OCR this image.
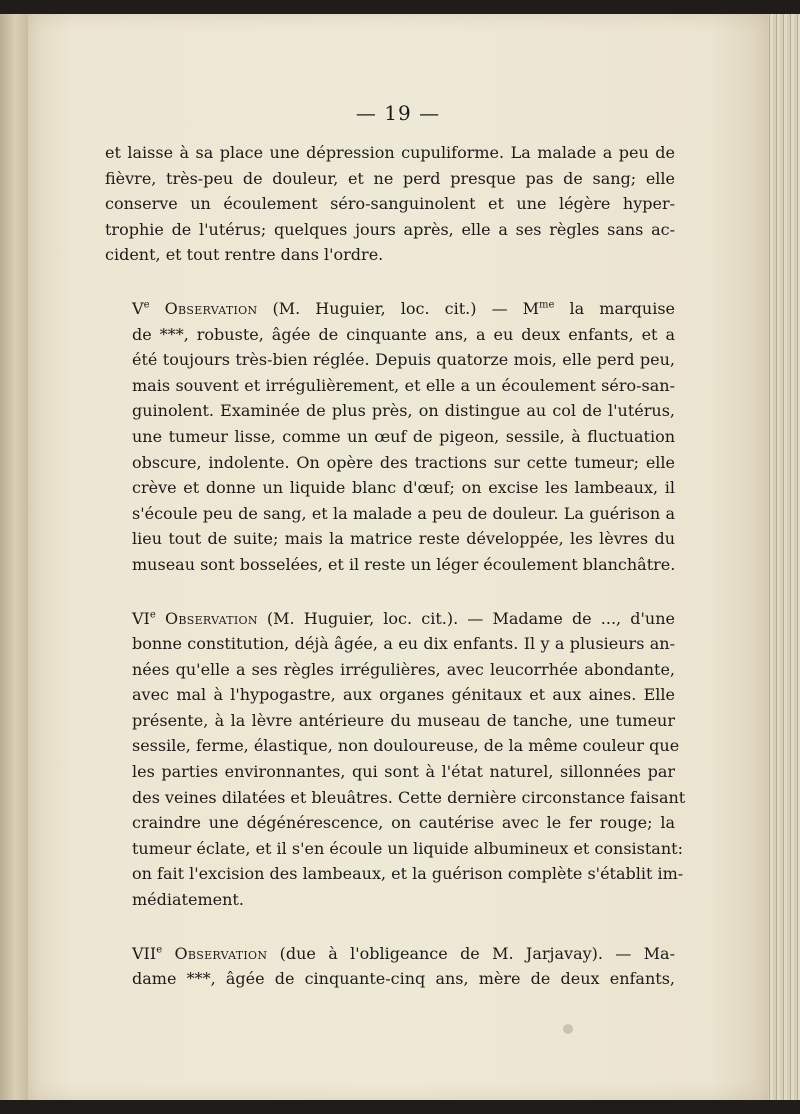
— 19 —

et laisse à sa place une dépression cupuliforme. La malade a peu de
fièvre, très-peu de douleur, et ne perd presque pas de sang; elle
conserve un écoulement séro-sanguinolent et une légère hyper-
trophie de l'utérus; quelques jours après, elle a ses règles sans ac-
cident, et tout rentre dans l'ordre.

Ve Observation (M. Huguier, loc. cit.) — $M^{me}$ la marquise
de ***, robuste, âgée de cinquante ans, a eu deux enfants, et a
été toujours très-bien réglée. Depuis quatorze mois, elle perd peu,
mais souvent et irrégulièrement, et elle a un écoulement séro-san-
guinolent. Examinée de plus près, on distingue au col de l'utérus,
une tumeur lisse, comme un œuf de pigeon, sessile, à fluctuation
obscure, indolente. On opère des tractions sur cette tumeur; elle
crève et donne un liquide blanc d'œuf; on excise les lambeaux, il
s'écoule peu de sang, et la malade a peu de douleur. La guérison a
lieu tout de suite; mais la matrice reste développée, les lèvres du
museau sont bosselées, et il reste un léger écoulement blanchâtre.

VIe Observation (M. Huguier, loc. cit.). — Madame de ..., d'une
bonne constitution, déjà âgée, a eu dix enfants. Il y a plusieurs an-
nées qu'elle a ses règles irrégulières, avec leucorrhée abondante,
avec mal à l'hypogastre, aux organes génitaux et aux aines. Elle
présente, à la lèvre antérieure du museau de tanche, une tumeur
sessile, ferme, élastique, non douloureuse, de la même couleur que
les parties environnantes, qui sont à l'état naturel, sillonnées par
des veines dilatées et bleuâtres. Cette dernière circonstance faisant
craindre une dégénérescence, on cautérise avec le fer rouge; la
tumeur éclate, et il s'en écoule un liquide albumineux et consistant:
on fait l'excision des lambeaux, et la guérison complète s'établit im-
médiatement.

VIIe Observation (due à l'obligeance de M. Jarjavay). — Ma-
dame ***, âgée de cinquante-cinq ans, mère de deux enfants,
